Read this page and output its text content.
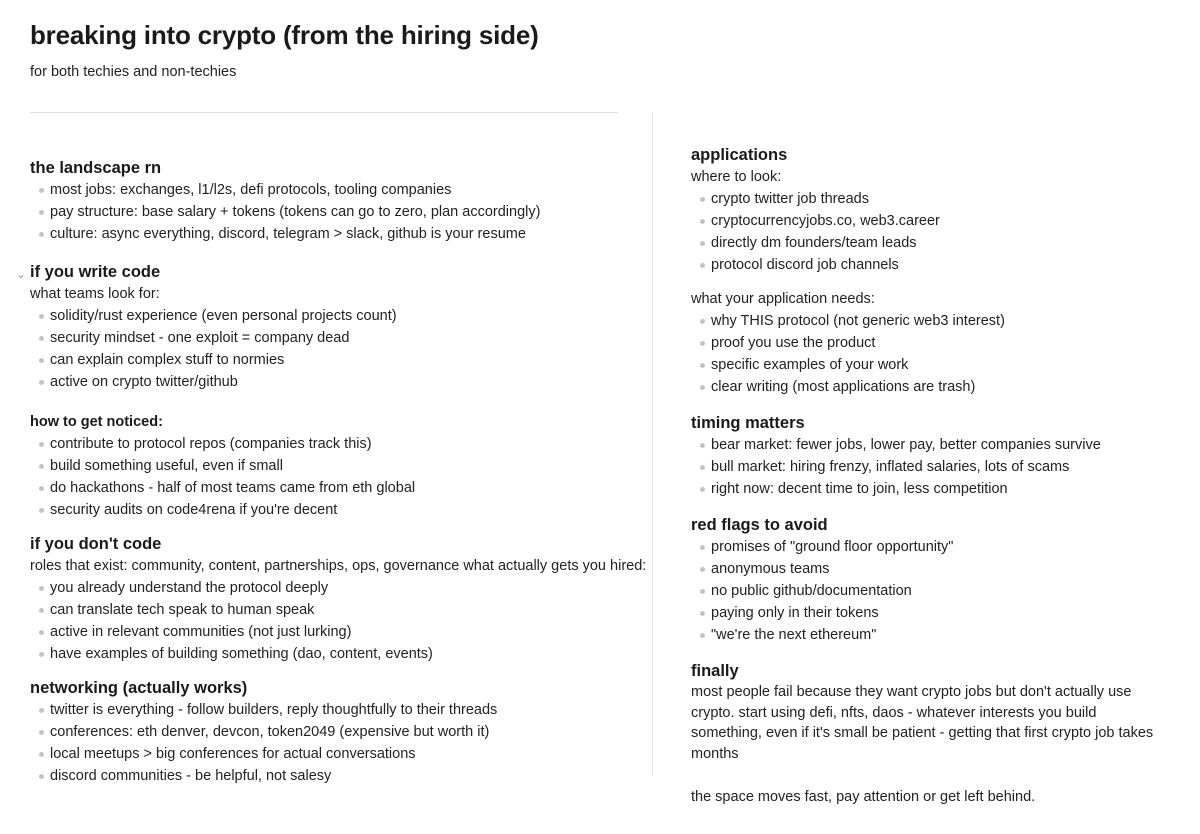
breaking into crypto (from the hiring side)
for both techies and non-techies
the landscape rn
most jobs: exchanges, l1/l2s, defi protocols, tooling companies
pay structure: base salary + tokens (tokens can go to zero, plan accordingly)
culture: async everything, discord, telegram > slack, github is your resume
⌄ if you write code
what teams look for:
solidity/rust experience (even personal projects count)
security mindset - one exploit = company dead
can explain complex stuff to normies
active on crypto twitter/github
how to get noticed:
contribute to protocol repos (companies track this)
build something useful, even if small
do hackathons - half of most teams came from eth global
security audits on code4rena if you're decent
if you don't code
roles that exist: community, content, partnerships, ops, governance what actually gets you hired:
you already understand the protocol deeply
can translate tech speak to human speak
active in relevant communities (not just lurking)
have examples of building something (dao, content, events)
networking (actually works)
twitter is everything - follow builders, reply thoughtfully to their threads
conferences: eth denver, devcon, token2049 (expensive but worth it)
local meetups > big conferences for actual conversations
discord communities - be helpful, not salesy
applications
where to look:
crypto twitter job threads
cryptocurrencyjobs.co, web3.career
directly dm founders/team leads
protocol discord job channels
what your application needs:
why THIS protocol (not generic web3 interest)
proof you use the product
specific examples of your work
clear writing (most applications are trash)
timing matters
bear market: fewer jobs, lower pay, better companies survive
bull market: hiring frenzy, inflated salaries, lots of scams
right now: decent time to join, less competition
red flags to avoid
promises of "ground floor opportunity"
anonymous teams
no public github/documentation
paying only in their tokens
"we're the next ethereum"
finally
most people fail because they want crypto jobs but don't actually use crypto. start using defi, nfts, daos - whatever interests you build something, even if it's small be patient - getting that first crypto job takes months
the space moves fast, pay attention or get left behind.
